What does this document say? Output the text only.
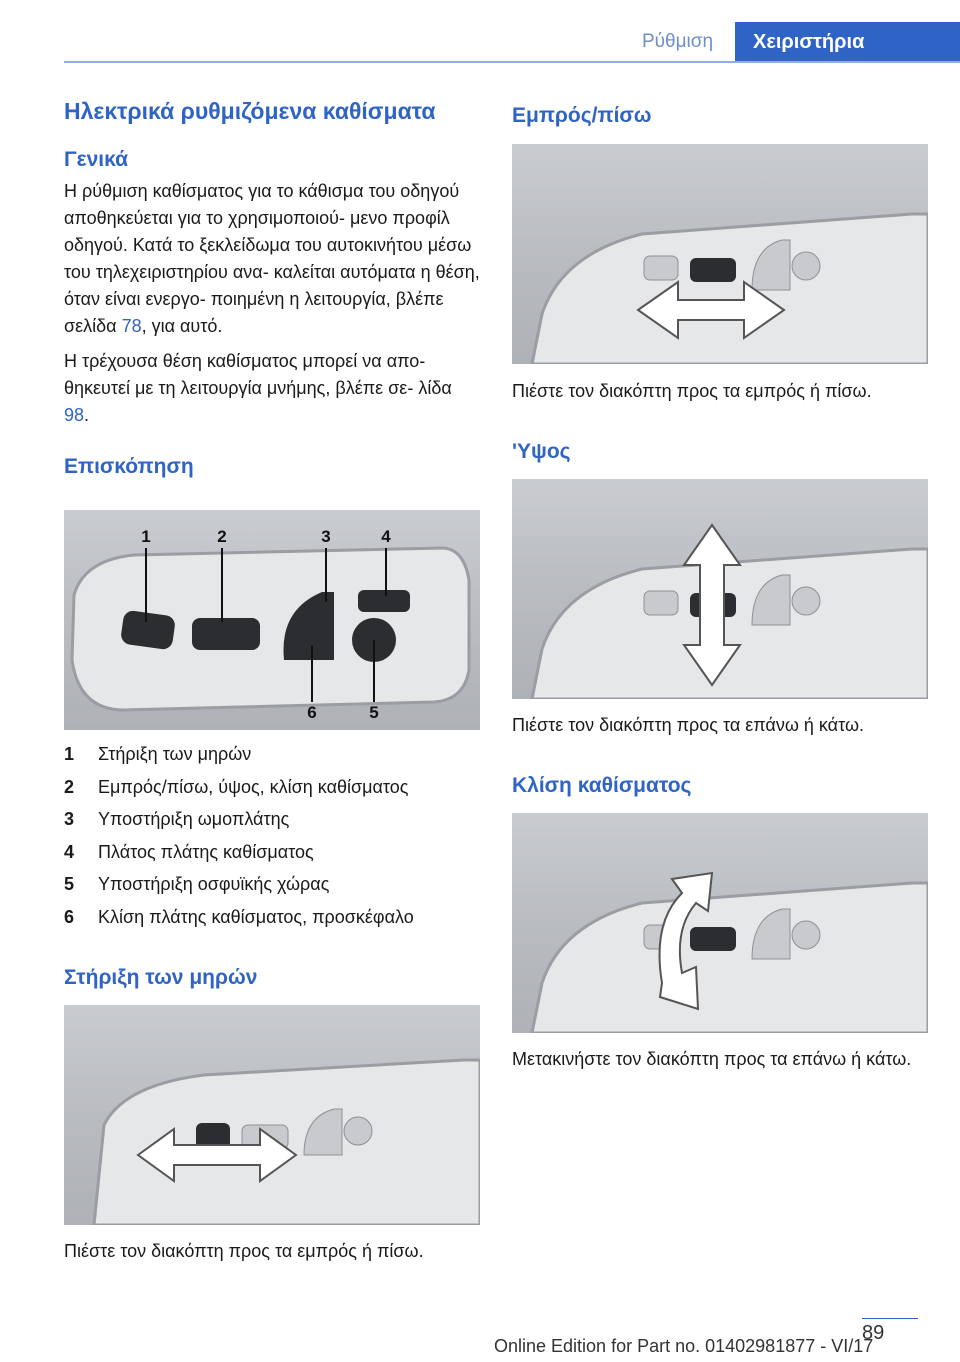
Ρύθμιση	Χειριστήρια
Ηλεκτρικά ρυθμιζόμενα καθίσματα
Γενικά

Η ρύθμιση καθίσματος για το κάθισμα του οδηγού αποθηκεύεται για το χρησιμοποιού- μενο προφίλ οδηγού. Κατά το ξεκλείδωμα του αυτοκινήτου μέσω του τηλεχειριστηρίου ανα- καλείται αυτόματα η θέση, όταν είναι ενεργο- ποιημένη η λειτουργία, βλέπε σελίδα 78, για αυτό.

Η τρέχουσα θέση καθίσματος μπορεί να απο- θηκευτεί με τη λειτουργία μνήμης, βλέπε σε- λίδα 98.

Επισκόπηση
1	2	3	4
6	5
1	Στήριξη των μηρών
2	Εμπρός/πίσω, ύψος, κλίση καθίσματος
3	Υποστήριξη ωμοπλάτης
4	Πλάτος πλάτης καθίσματος
5	Υποστήριξη οσφυϊκής χώρας
6	Κλίση πλάτης καθίσματος, προσκέφαλο
Στήριξη των μηρών

Πιέστε τον διακόπτη προς τα εμπρός ή πίσω.

Εμπρός/πίσω

Πιέστε τον διακόπτη προς τα εμπρός ή πίσω.

'Υψος

Πιέστε τον διακόπτη προς τα επάνω ή κάτω.

Κλίση καθίσματος

Μετακινήστε τον διακόπτη προς τα επάνω ή κάτω.

89
Online Edition for Part no. 01402981877 - VI/17
